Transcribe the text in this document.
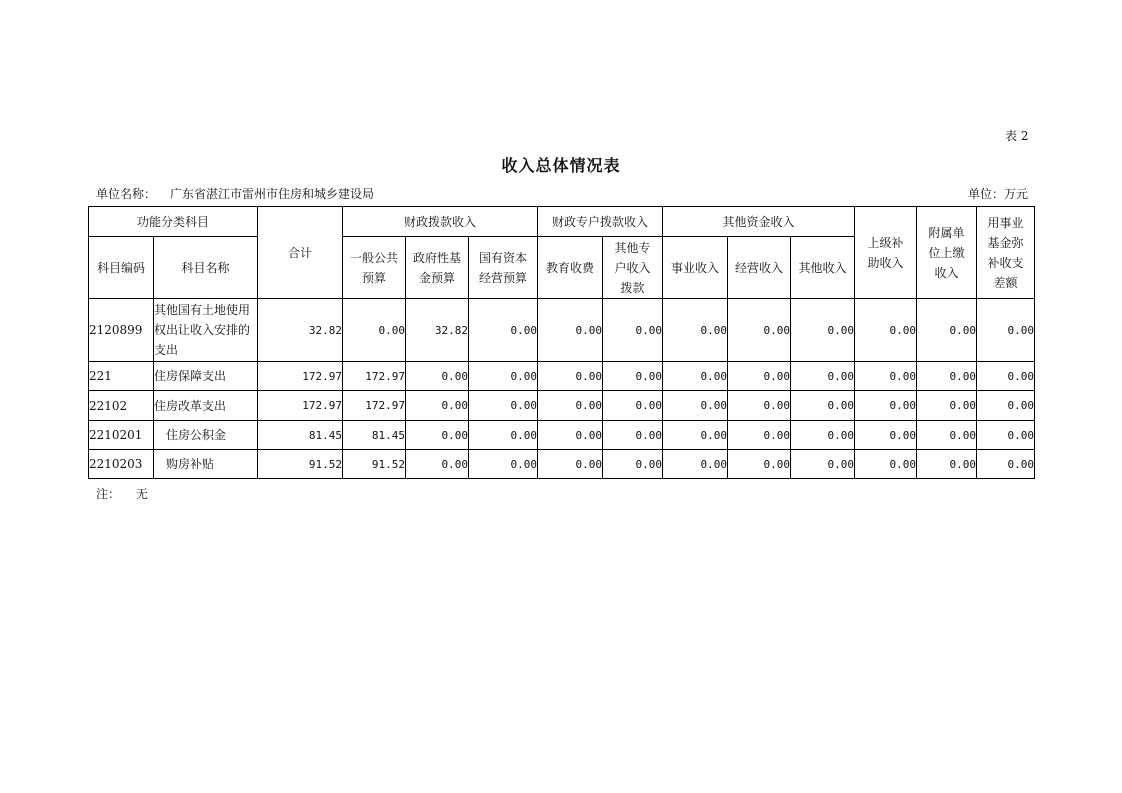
表 2
收入总体情况表
单位名称： 广东省湛江市雷州市住房和城乡建设局	单位：万元
功能分类科目		合计	财政拨款收入			财政专户拨款收入		其他资金收入			上级补助收入	附属单位上缴收入	用事业基金弥补收支差额

科目编码	科目名称		一般公共预算	政府性基金预算	国有资本经营预算	教育收费	其他专户收入拨款	事业收入	经营收入	其他收入			
2120899	其他国有土地使用权出让收入安排的支出	32.82	0.00	32.82	0.00	0.00	0.00	0.00	0.00	0.00	0.00	0.00	0.00
221	住房保障支出	172.97	172.97	0.00	0.00	0.00	0.00	0.00	0.00	0.00	0.00	0.00	0.00
22102	住房改革支出	172.97	172.97	0.00	0.00	0.00	0.00	0.00	0.00	0.00	0.00	0.00	0.00
2210201	住房公积金	81.45	81.45	0.00	0.00	0.00	0.00	0.00	0.00	0.00	0.00	0.00	0.00
2210203	购房补贴	91.52	91.52	0.00	0.00	0.00	0.00	0.00	0.00	0.00	0.00	0.00	0.00
注： 无
